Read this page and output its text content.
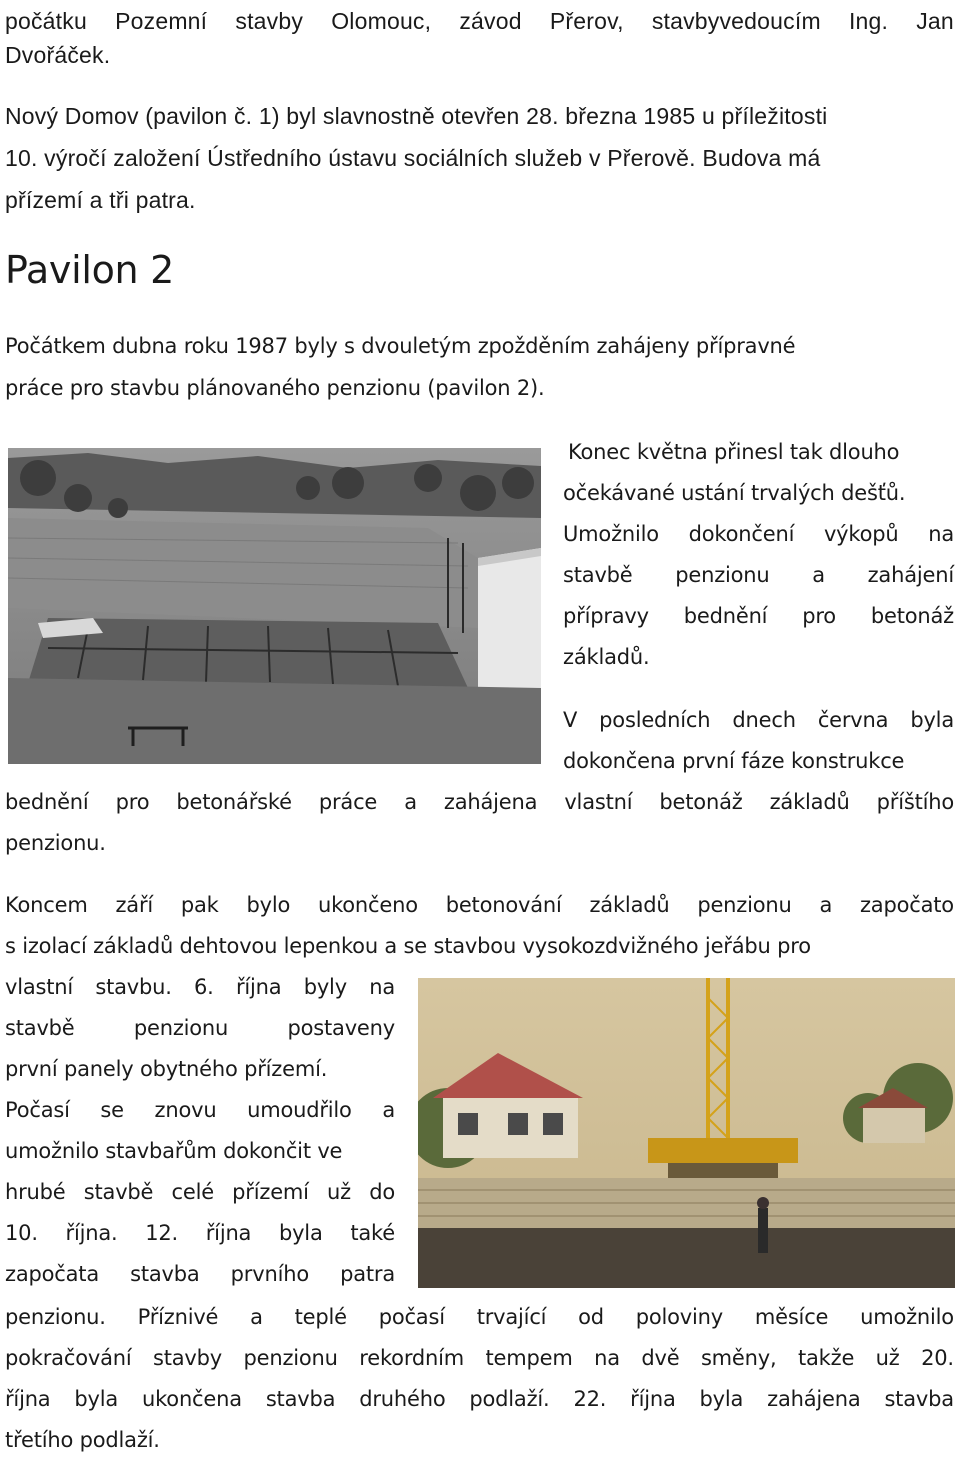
počátku Pozemní stavby Olomouc, závod Přerov, stavbyvedoucím Ing. Jan
Dvořáček.
Nový Domov (pavilon č. 1) byl slavnostně otevřen 28. března 1985 u příležitosti
10. výročí založení Ústředního ústavu sociálních služeb v Přerově. Budova má
přízemí a tři patra.
Pavilon 2
Počátkem dubna roku 1987 byly s dvouletým zpožděním zahájeny přípravné
práce pro stavbu plánovaného penzionu (pavilon 2).
Konec května přinesl tak dlouho
očekávané ustání trvalých dešťů.
Umožnilo dokončení výkopů na
stavbě penzionu a zahájení
přípravy bednění pro betonáž
základů.
V posledních dnech června byla
dokončena první fáze konstrukce
bednění pro betonářské práce a zahájena vlastní betonáž základů příštího
penzionu.
Koncem září pak bylo ukončeno betonování základů penzionu a započato
s izolací základů dehtovou lepenkou a se stavbou vysokozdvižného jeřábu pro
vlastní stavbu. 6. října byly na
stavbě	penzionu	postaveny
první panely obytného přízemí.
Počasí se znovu umoudřilo a
umožnilo stavbařům dokončit ve
hrubé stavbě celé přízemí už do
10. října. 12. října byla také
započata stavba prvního patra
penzionu. Příznivé a teplé počasí trvající od poloviny měsíce umožnilo
pokračování stavby penzionu rekordním tempem na dvě směny, takže už 20.
října byla ukončena stavba druhého podlaží. 22. října byla zahájena stavba
třetího podlaží.
